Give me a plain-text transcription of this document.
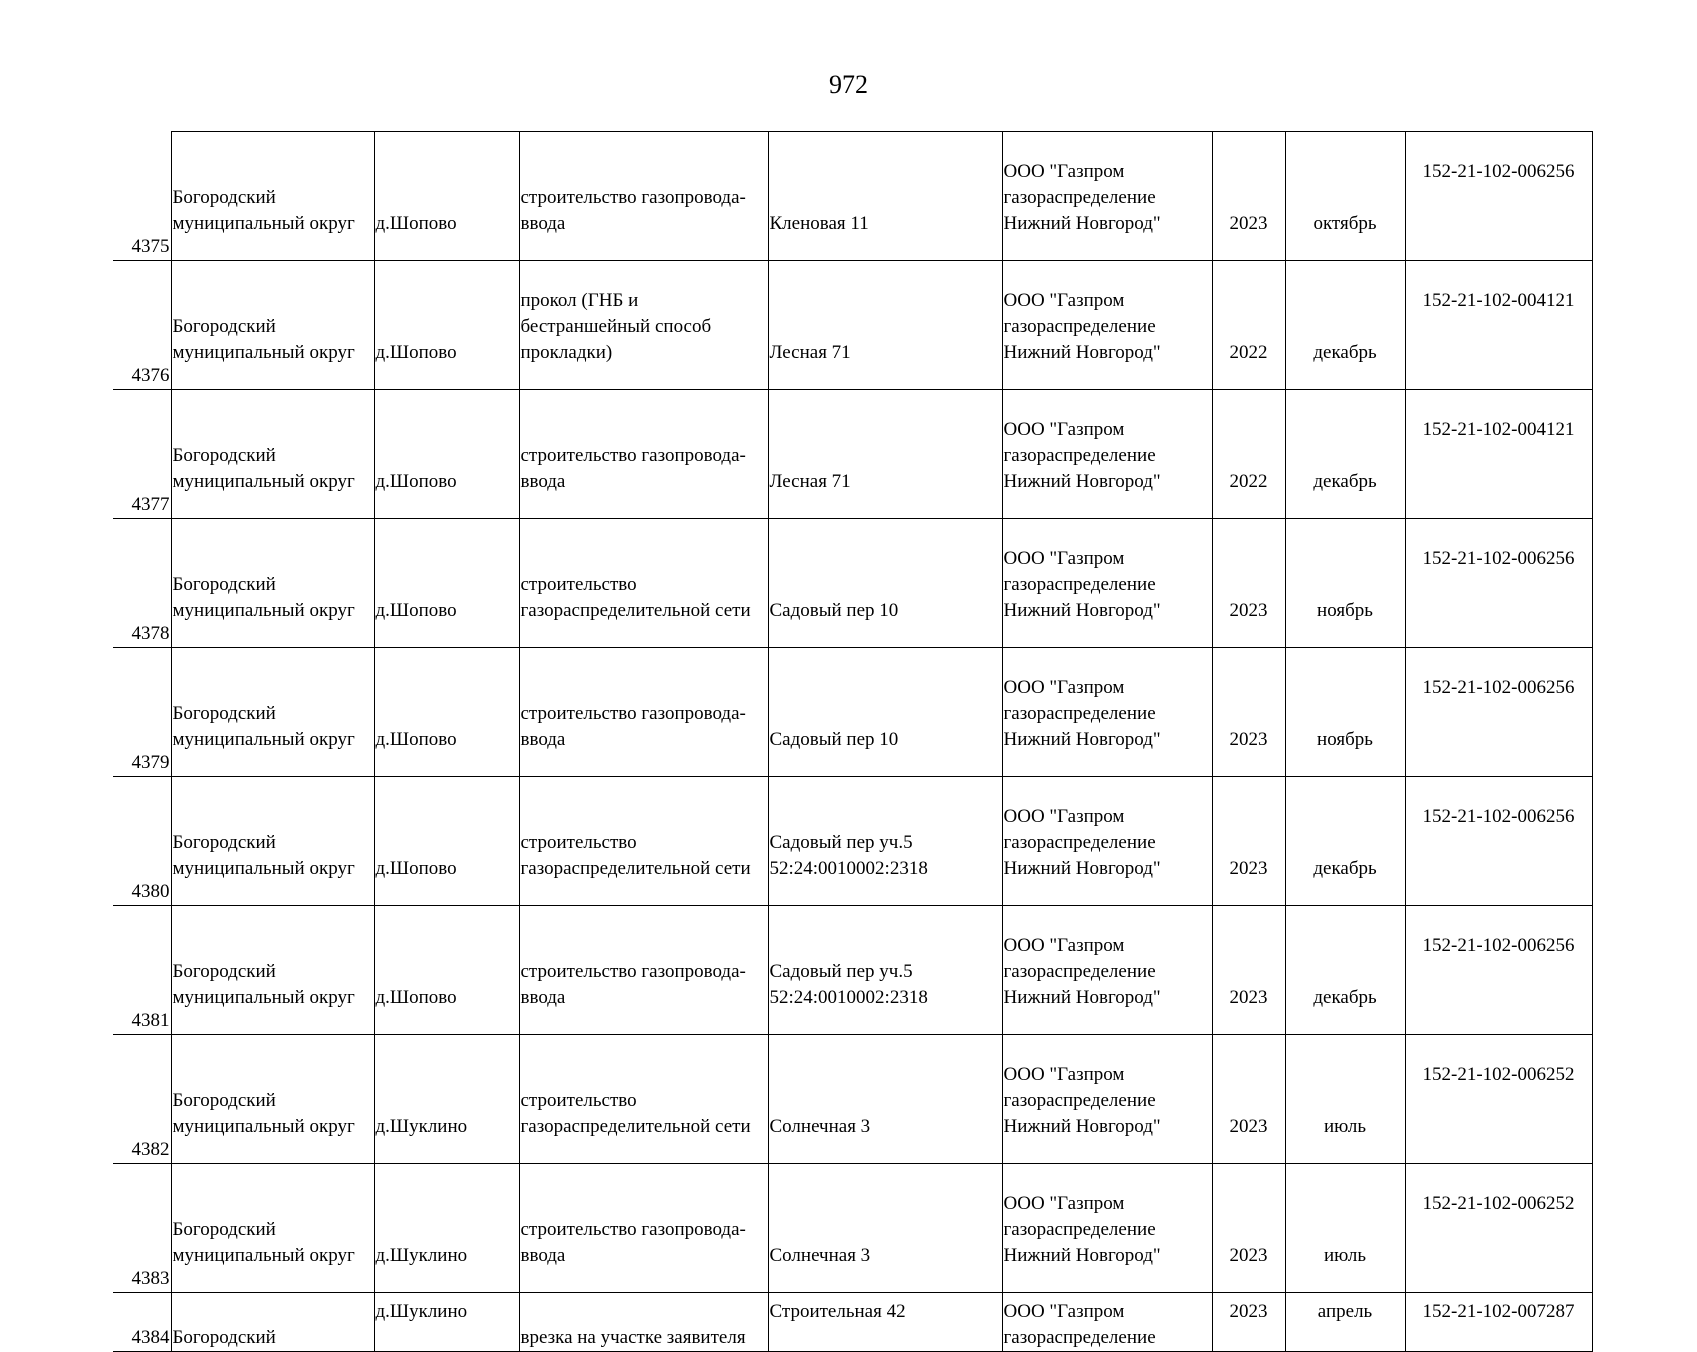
972
4375	Богородский
муниципальный округ	д.Шопово	строительство газопровода-
ввода	Кленовая 11	ООО "Газпром
газораспределение
Нижний Новгород"	2023	октябрь	152-21-102-006256
4376	Богородский
муниципальный округ	д.Шопово	прокол (ГНБ и
бестраншейный способ
прокладки)	Лесная 71	ООО "Газпром
газораспределение
Нижний Новгород"	2022	декабрь	152-21-102-004121
4377	Богородский
муниципальный округ	д.Шопово	строительство газопровода-
ввода	Лесная 71	ООО "Газпром
газораспределение
Нижний Новгород"	2022	декабрь	152-21-102-004121
4378	Богородский
муниципальный округ	д.Шопово	строительство
газораспределительной сети	Садовый пер 10	ООО "Газпром
газораспределение
Нижний Новгород"	2023	ноябрь	152-21-102-006256
4379	Богородский
муниципальный округ	д.Шопово	строительство газопровода-
ввода	Садовый пер 10	ООО "Газпром
газораспределение
Нижний Новгород"	2023	ноябрь	152-21-102-006256
4380	Богородский
муниципальный округ	д.Шопово	строительство
газораспределительной сети	Садовый пер уч.5
52:24:0010002:2318	ООО "Газпром
газораспределение
Нижний Новгород"	2023	декабрь	152-21-102-006256
4381	Богородский
муниципальный округ	д.Шопово	строительство газопровода-
ввода	Садовый пер уч.5
52:24:0010002:2318	ООО "Газпром
газораспределение
Нижний Новгород"	2023	декабрь	152-21-102-006256
4382	Богородский
муниципальный округ	д.Шуклино	строительство
газораспределительной сети	Солнечная 3	ООО "Газпром
газораспределение
Нижний Новгород"	2023	июль	152-21-102-006252
4383	Богородский
муниципальный округ	д.Шуклино	строительство газопровода-
ввода	Солнечная 3	ООО "Газпром
газораспределение
Нижний Новгород"	2023	июль	152-21-102-006252
4384	Богородский	д.Шуклино	врезка на участке заявителя	Строительная 42	ООО "Газпром
газораспределение	2023	апрель	152-21-102-007287
